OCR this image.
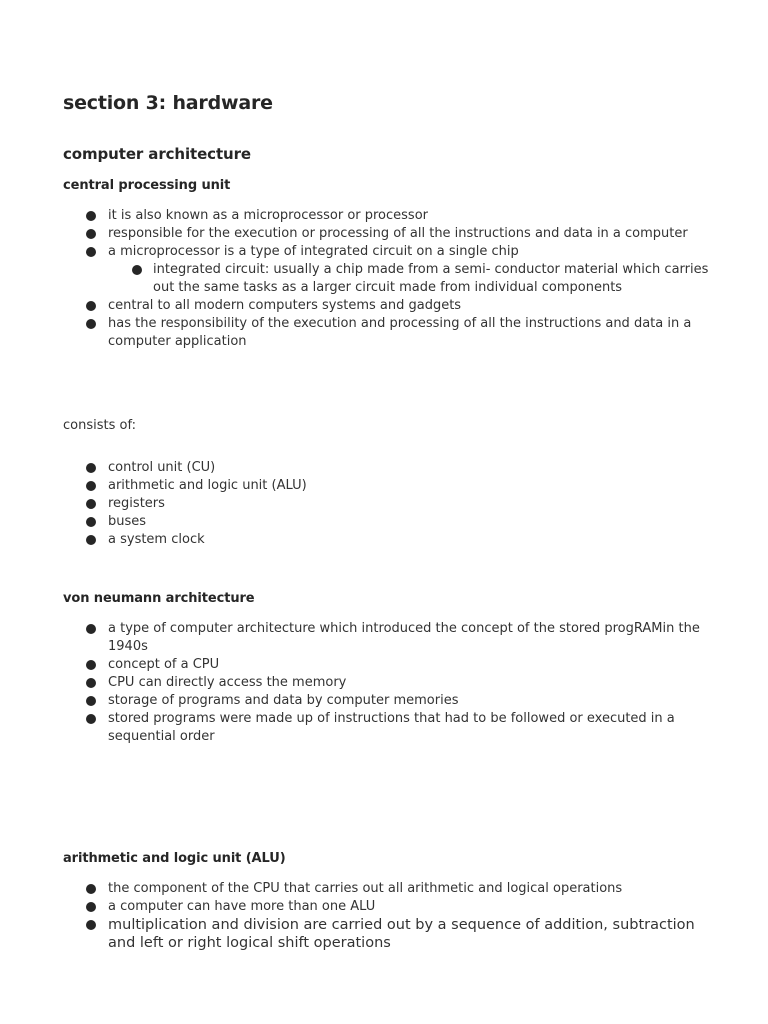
section 3: hardware
computer architecture
central processing unit
it is also known as a microprocessor or processor
responsible for the execution or processing of all the instructions and data in a computer
a microprocessor is a type of integrated circuit on a single chip
integrated circuit: usually a chip made from a semi- conductor material which carries out the same tasks as a larger circuit made from individual components
central to all modern computers systems and gadgets
has the responsibility of the execution and processing of all the instructions and data in a computer application

consists of:

control unit (CU)
arithmetic and logic unit (ALU)
registers
buses
a system clock
von neumann architecture
a type of computer architecture which introduced the concept of the stored progRAMin the 1940s
concept of a CPU
CPU can directly access the memory
storage of programs and data by computer memories
stored programs were made up of instructions that had to be followed or executed in a sequential order
arithmetic and logic unit (ALU)
the component of the CPU that carries out all arithmetic and logical operations
a computer can have more than one ALU
multiplication and division are carried out by a sequence of addition, subtraction and left or right logical shift operations
